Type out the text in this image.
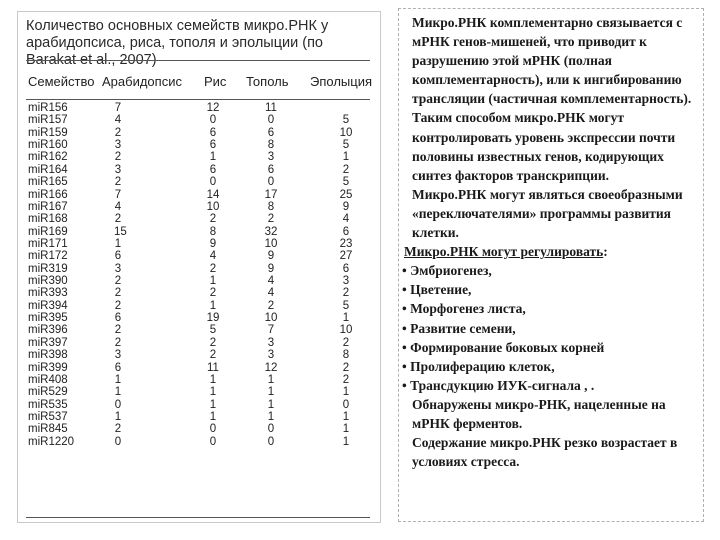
Количество основных семейств микро.РНК у арабидопсиса, риса, тополя и эполыции (по Barakat et al., 2007)
Семейство Арабидопсис Рис Тополь Эполыция
miR156	7	12	11
miR157	4	0	0	5
miR159	2	6	6	10
miR160	3	6	8	5
miR162	2	1	3	1
miR164	3	6	6	2
miR165	2	0	0	5
miR166	7	14	17	25
miR167	4	10	8	9
miR168	2	2	2	4
miR169	15	8	32	6
miR171	1	9	10	23
miR172	6	4	9	27
miR319	3	2	9	6
miR390	2	1	4	3
miR393	2	2	4	2
miR394	2	1	2	5
miR395	6	19	10	1
miR396	2	5	7	10
miR397	2	2	3	2
miR398	3	2	3	8
miR399	6	11	12	2
miR408	1	1	1	2
miR529	1	1	1	1
miR535	0	1	1	0
miR537	1	1	1	1
miR845	2	0	0	1
miR1220	0	0	0	1

Микро.РНК комплементарно связывается с мРНК генов-мишеней, что приводит к разрушению этой мРНК (полная комплементарность), или к ингибированию трансляции (частичная комплементарность).

Таким способом микро.РНК могут контролировать уровень экспрессии почти половины известных генов, кодирующих синтез факторов транскрипции.

Микро.РНК могут являться своеобразными «переключателями» программы развития клетки.

Микро.РНК могут регулировать:

• Эмбриогенез,

• Цветение,

• Морфогенез листа,

• Развитие семени,

• Формирование боковых корней

• Пролиферацию клеток,

• Трансдукцию ИУК-сигнала , .

Обнаружены микро-РНК, нацеленные на мРНК ферментов.

Содержание микро.РНК резко возрастает в условиях стресса.
